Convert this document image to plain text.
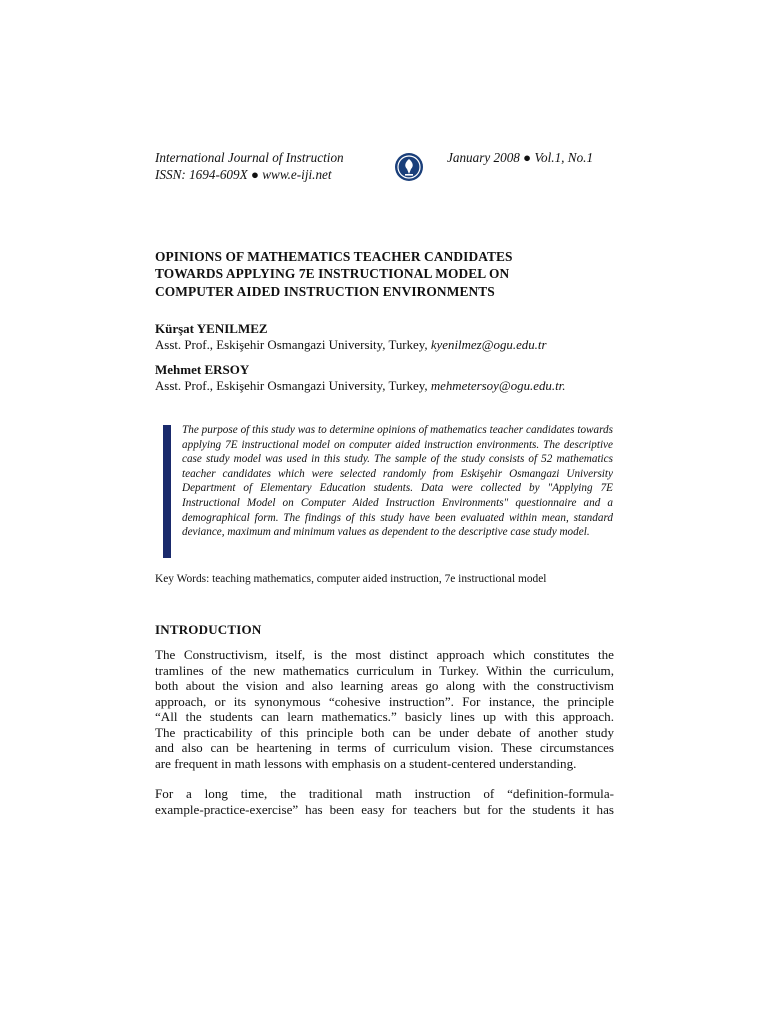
International Journal of Instruction
ISSN: 1694-609X ● www.e-iji.net
January 2008 ● Vol.1, No.1
OPINIONS OF MATHEMATICS TEACHER CANDIDATES
TOWARDS APPLYING 7E INSTRUCTIONAL MODEL ON
COMPUTER AIDED INSTRUCTION ENVIRONMENTS
Kürşat YENILMEZ
Asst. Prof., Eskişehir Osmangazi University, Turkey, kyenilmez@ogu.edu.tr
Mehmet ERSOY
Asst. Prof., Eskişehir Osmangazi University, Turkey, mehmetersoy@ogu.edu.tr.
The purpose of this study was to determine opinions of mathematics teacher candidates towards applying 7E instructional model on computer aided instruction environments. The descriptive case study model was used in this study. The sample of the study consists of 52 mathematics teacher candidates which were selected randomly from Eskişehir Osmangazi University Department of Elementary Education students. Data were collected by "Applying 7E Instructional Model on Computer Aided Instruction Environments" questionnaire and a demographical form. The findings of this study have been evaluated within mean, standard deviance, maximum and minimum values as dependent to the descriptive case study model.
Key Words: teaching mathematics, computer aided instruction, 7e instructional model
INTRODUCTION
The Constructivism, itself, is the most distinct approach which constitutes the
tramlines of the new mathematics curriculum in Turkey. Within the curriculum,
both about the vision and also learning areas go along with the constructivism
approach, or its synonymous “cohesive instruction”. For instance, the principle
“All the students can learn mathematics.” basicly lines up with this approach.
The practicability of this principle both can be under debate of another study
and also can be heartening in terms of curriculum vision. These circumstances
are frequent in math lessons with emphasis on a student-centered understanding.
For a long time, the traditional math instruction of “definition-formula-
example-practice-exercise” has been easy for teachers but for the students it has
